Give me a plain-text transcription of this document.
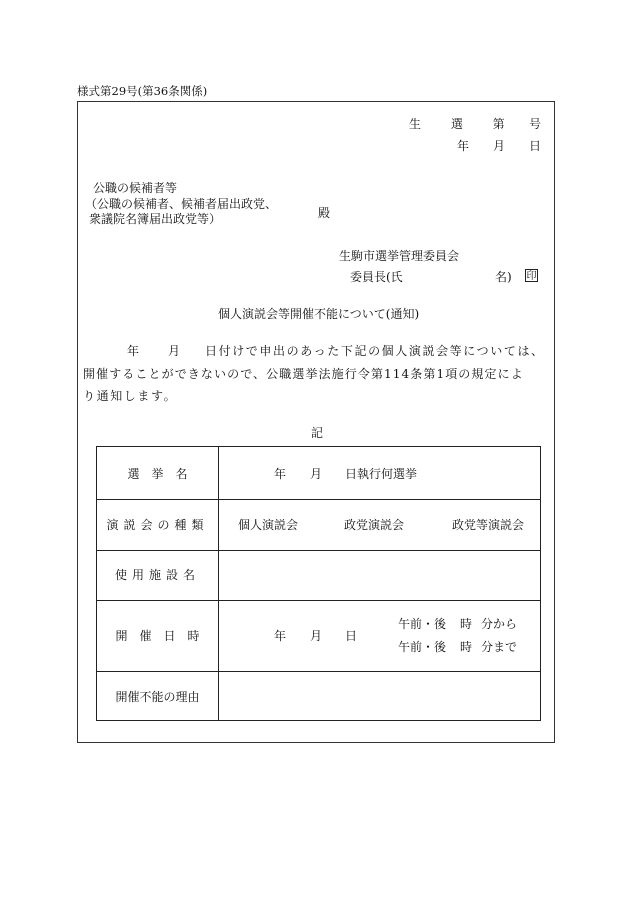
様式第29号(第36条関係)
生 選 第 号
年 月 日
公職の候補者等
（公職の候補者、候補者届出政党、
衆議院名簿届出政党等）	殿
生駒市選挙管理委員会
委員長(氏	名) 印
個人演説会等開催不能について(通知)
年 月 日付けで申出のあった下記の個人演説会等については、
開催することができないので、公職選挙法施行令第114条第1項の規定によ
り通知します。
記
選　挙　名	年 月 日執行何選挙
演説会の種類	個人演説会	政党演説会	政党等演説会
使用施設名
開　催　日　時	年 月 日
午前・後 時 分から
午前・後 時 分まで
開催不能の理由
